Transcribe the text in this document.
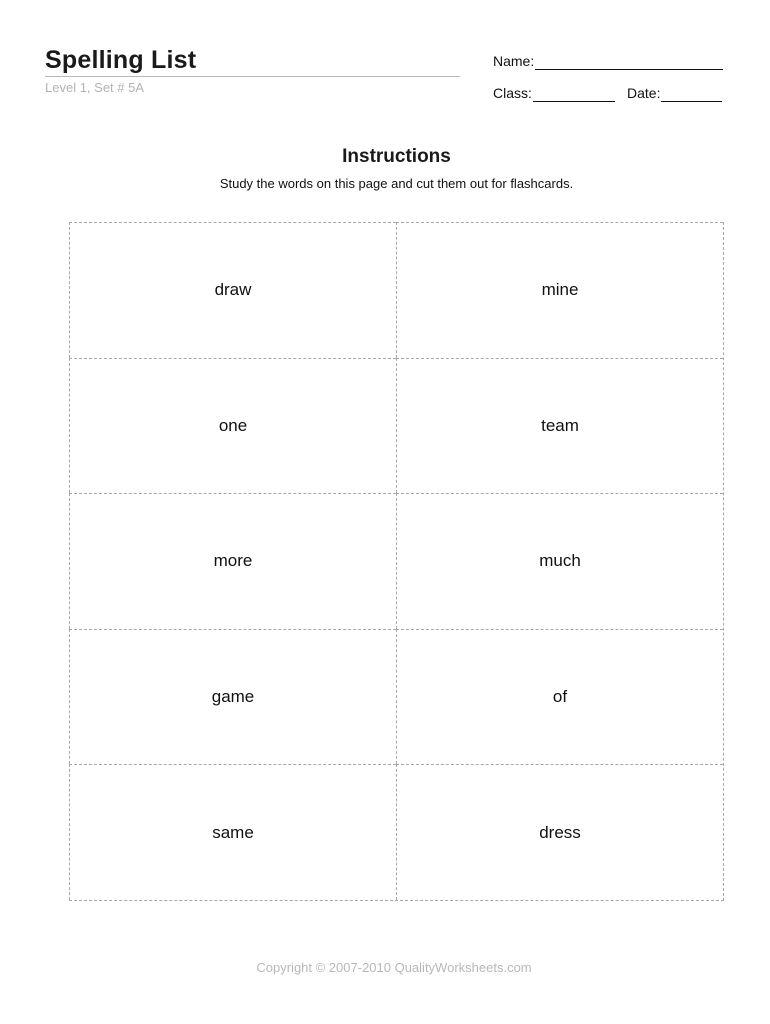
Spelling List
Level 1, Set # 5A
Name:
Class:	Date:
Instructions
Study the words on this page and cut them out for flashcards.
draw	mine
one	team
more	much
game	of
same	dress
Copyright © 2007-2010 QualityWorksheets.com
